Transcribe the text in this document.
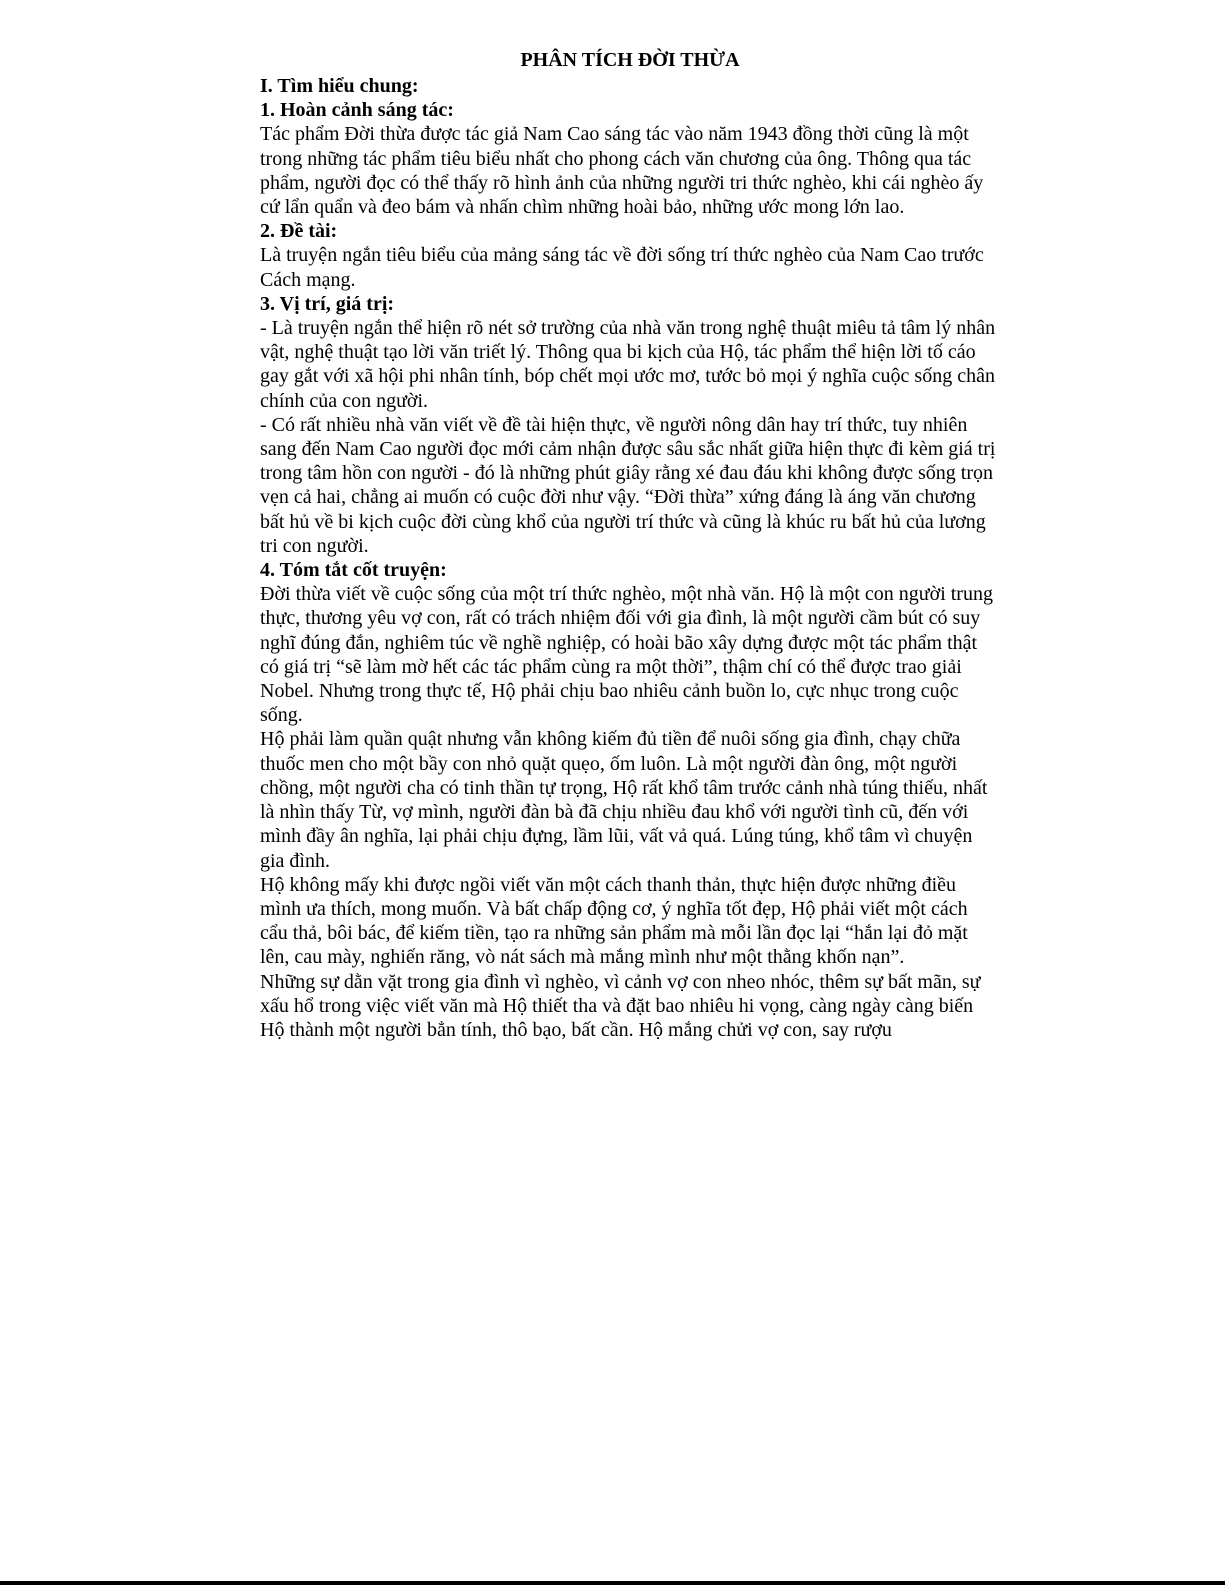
PHÂN TÍCH ĐỜI THỪA

I. Tìm hiểu chung:

1. Hoàn cảnh sáng tác:

Tác phẩm Đời thừa được tác giả Nam Cao sáng tác vào năm 1943 đồng thời cũng là một trong những tác phẩm tiêu biểu nhất cho phong cách văn chương của ông. Thông qua tác phẩm, người đọc có thể thấy rõ hình ảnh của những người tri thức nghèo, khi cái nghèo ấy cứ lẩn quẩn và đeo bám và nhấn chìm những hoài bảo, những ước mong lớn lao.

2. Đề tài:

Là truyện ngắn tiêu biểu của mảng sáng tác về đời sống trí thức nghèo của Nam Cao trước Cách mạng.

3. Vị trí, giá trị:

- Là truyện ngắn thể hiện rõ nét sở trường của nhà văn trong nghệ thuật miêu tả tâm lý nhân vật, nghệ thuật tạo lời văn triết lý. Thông qua bi kịch của Hộ, tác phẩm thể hiện lời tố cáo gay gắt với xã hội phi nhân tính, bóp chết mọi ước mơ, tước bỏ mọi ý nghĩa cuộc sống chân chính của con người.

- Có rất nhiều nhà văn viết về đề tài hiện thực, về người nông dân hay trí thức, tuy nhiên sang đến Nam Cao người đọc mới cảm nhận được sâu sắc nhất giữa hiện thực đi kèm giá trị trong tâm hồn con người - đó là những phút giây rằng xé đau đáu khi không được sống trọn vẹn cả hai, chẳng ai muốn có cuộc đời như vậy. “Đời thừa” xứng đáng là áng văn chương bất hủ về bi kịch cuộc đời cùng khổ của người trí thức và cũng là khúc ru bất hủ của lương tri con người.

4. Tóm tắt cốt truyện:

Đời thừa viết về cuộc sống của một trí thức nghèo, một nhà văn. Hộ là một con người trung thực, thương yêu vợ con, rất có trách nhiệm đối với gia đình, là một người cầm bút có suy nghĩ đúng đắn, nghiêm túc về nghề nghiệp, có hoài bão xây dựng được một tác phẩm thật có giá trị “sẽ làm mờ hết các tác phẩm cùng ra một thời”, thậm chí có thể được trao giải Nobel. Nhưng trong thực tế, Hộ phải chịu bao nhiêu cảnh buồn lo, cực nhục trong cuộc sống.

Hộ phải làm quần quật nhưng vẫn không kiếm đủ tiền để nuôi sống gia đình, chạy chữa thuốc men cho một bầy con nhỏ quặt quẹo, ốm luôn. Là một người đàn ông, một người chồng, một người cha có tinh thần tự trọng, Hộ rất khổ tâm trước cảnh nhà túng thiếu, nhất là nhìn thấy Từ, vợ mình, người đàn bà đã chịu nhiều đau khổ với người tình cũ, đến với mình đầy ân nghĩa, lại phải chịu đựng, lầm lũi, vất vả quá. Lúng túng, khổ tâm vì chuyện gia đình.

Hộ không mấy khi được ngồi viết văn một cách thanh thản, thực hiện được những điều mình ưa thích, mong muốn. Và bất chấp động cơ, ý nghĩa tốt đẹp, Hộ phải viết một cách cẩu thả, bôi bác, để kiếm tiền, tạo ra những sản phẩm mà mỗi lần đọc lại “hắn lại đỏ mặt lên, cau mày, nghiến răng, vò nát sách mà mắng mình như một thằng khốn nạn”.

Những sự dằn vặt trong gia đình vì nghèo, vì cảnh vợ con nheo nhóc, thêm sự bất mãn, sự xấu hổ trong việc viết văn mà Hộ thiết tha và đặt bao nhiêu hi vọng, càng ngày càng biến Hộ thành một người bẳn tính, thô bạo, bất cần. Hộ mắng chửi vợ con, say rượu
